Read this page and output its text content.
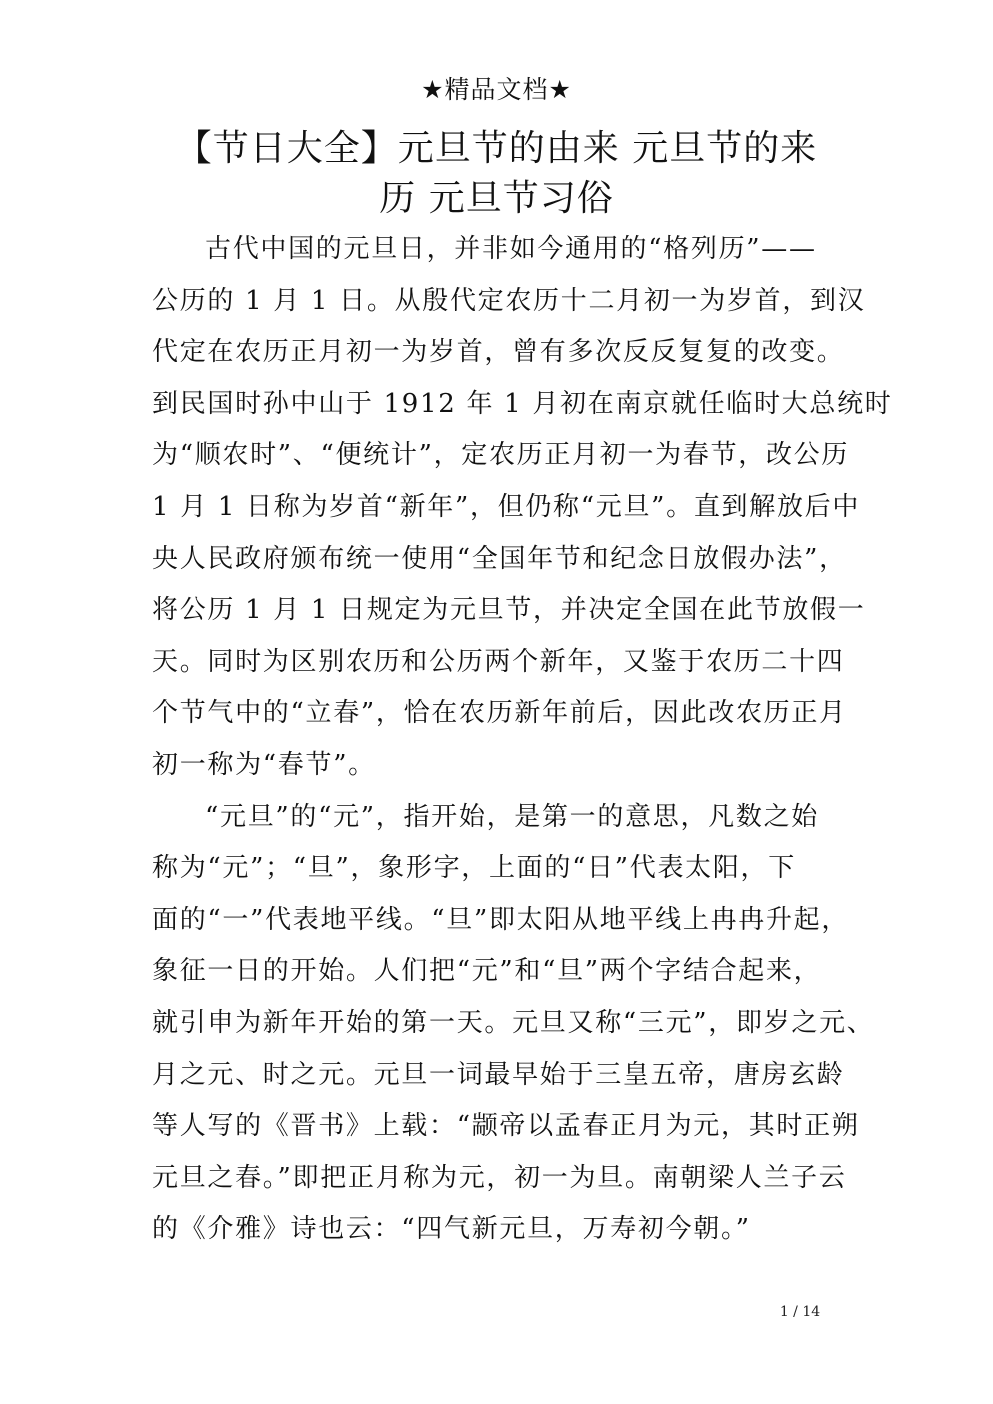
★精品文档★
【节日大全】元旦节的由来 元旦节的来
历 元旦节习俗
古代中国的元旦日，并非如今通用的“格列历”——
公历的 1 月 1 日。从殷代定农历十二月初一为岁首，到汉
代定在农历正月初一为岁首，曾有多次反反复复的改变。
到民国时孙中山于 1912 年 1 月初在南京就任临时大总统时
为“顺农时”、“便统计”，定农历正月初一为春节，改公历
1 月 1 日称为岁首“新年”，但仍称“元旦”。直到解放后中
央人民政府颁布统一使用“全国年节和纪念日放假办法”，
将公历 1 月 1 日规定为元旦节，并决定全国在此节放假一
天。同时为区别农历和公历两个新年，又鉴于农历二十四
个节气中的“立春”，恰在农历新年前后，因此改农历正月
初一称为“春节”。
“元旦”的“元”，指开始，是第一的意思，凡数之始
称为“元”；“旦”，象形字，上面的“日”代表太阳，下
面的“一”代表地平线。“旦”即太阳从地平线上冉冉升起，
象征一日的开始。人们把“元”和“旦”两个字结合起来，
就引申为新年开始的第一天。元旦又称“三元”，即岁之元、
月之元、时之元。元旦一词最早始于三皇五帝，唐房玄龄
等人写的《晋书》上载：“颛帝以孟春正月为元，其时正朔
元旦之春。”即把正月称为元，初一为旦。南朝梁人兰子云
的《介雅》诗也云：“四气新元旦，万寿初今朝。”
1 / 14
